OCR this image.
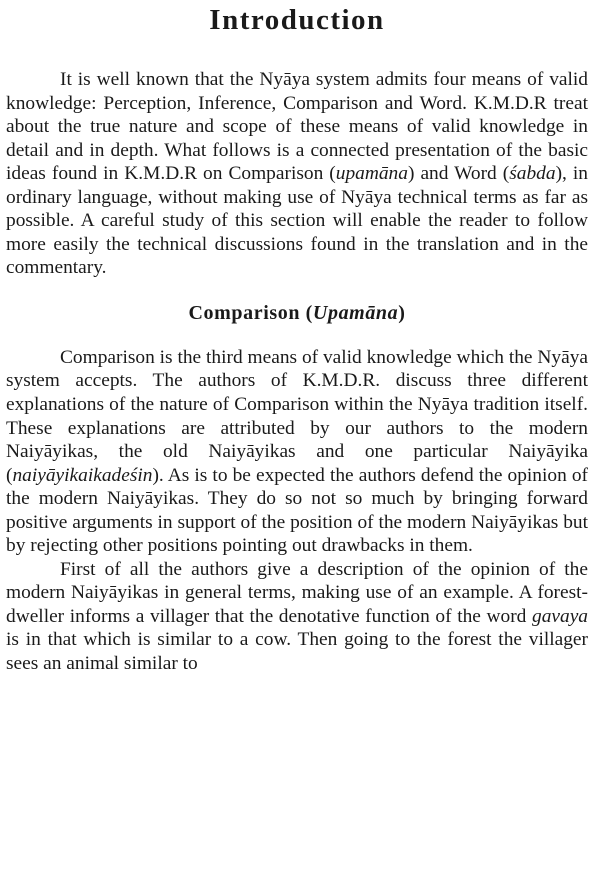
Introduction

It is well known that the Nyāya system admits four means of valid knowledge: Perception, Inference, Comparison and Word. K.M.D.R treat about the true nature and scope of these means of valid knowledge in detail and in depth. What follows is a connected presentation of the basic ideas found in K.M.D.R on Comparison (upamāna) and Word (śabda), in ordinary language, without making use of Nyāya technical terms as far as possible. A careful study of this section will enable the reader to follow more easily the technical discussions found in the translation and in the commentary.

Comparison (Upamāna)

Comparison is the third means of valid knowledge which the Nyāya system accepts. The authors of K.M.D.R. discuss three different explanations of the nature of Comparison within the Nyāya tradition itself. These explanations are attributed by our authors to the modern Naiyāyikas, the old Naiyāyikas and one particular Naiyāyika (naiyāyikaikadeśin). As is to be expected the authors defend the opinion of the modern Naiyāyikas. They do so not so much by bringing forward positive arguments in support of the position of the modern Naiyāyikas but by rejecting other positions pointing out drawbacks in them.

First of all the authors give a description of the opinion of the modern Naiyāyikas in general terms, making use of an example. A forest-dweller informs a villager that the denotative function of the word gavaya is in that which is similar to a cow. Then going to the forest the villager sees an animal similar to
